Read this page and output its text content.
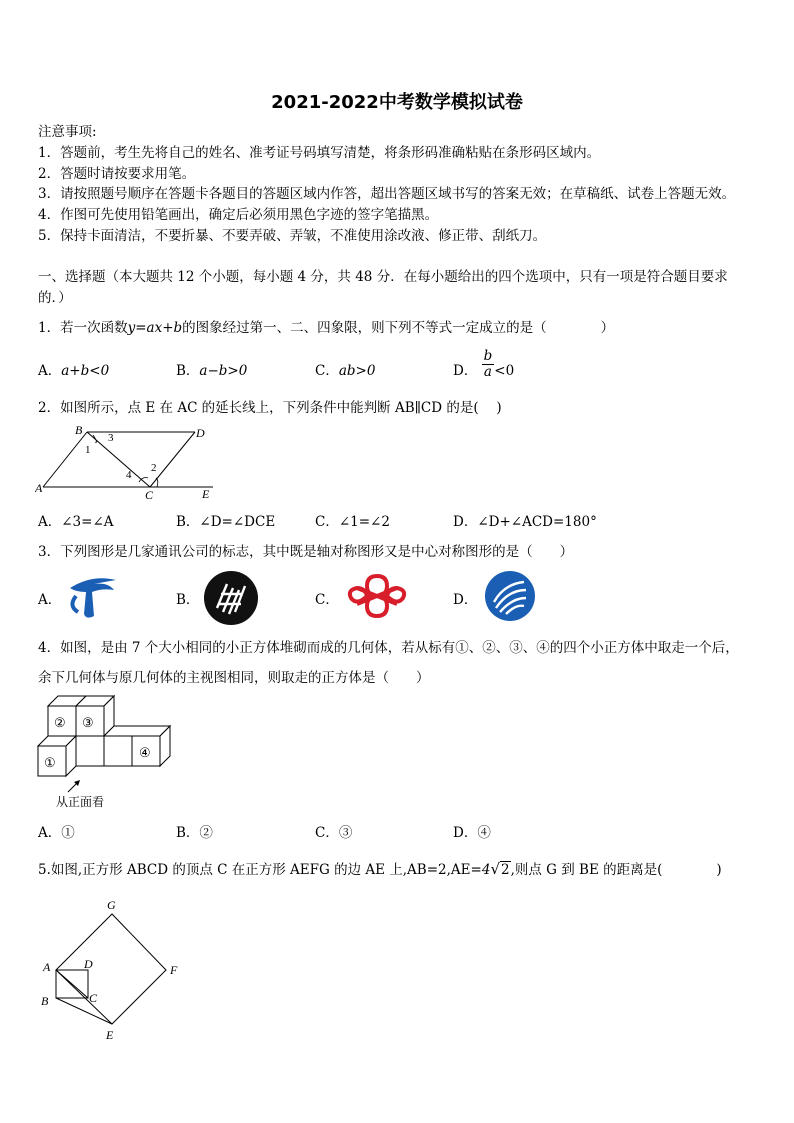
2021-2022中考数学模拟试卷
注意事项:
1．答题前，考生先将自己的姓名、准考证号码填写清楚，将条形码准确粘贴在条形码区域内。
2．答题时请按要求用笔。
3．请按照题号顺序在答题卡各题目的答题区域内作答，超出答题区域书写的答案无效；在草稿纸、试卷上答题无效。
4．作图可先使用铅笔画出，确定后必须用黑色字迹的签字笔描黑。
5．保持卡面清洁，不要折暴、不要弄破、弄皱，不准使用涂改液、修正带、刮纸刀。
一、选择题（本大题共 12 个小题，每小题 4 分，共 48 分．在每小题给出的四个选项中，只有一项是符合题目要求
的．）
1．若一次函数y=ax+b的图象经过第一、二、四象限，则下列不等式一定成立的是（　　　　）
A．a+b<0	B．a−b>0	C．ab>0	D． $\frac{b}{a} <0$
2．如图所示，点 E 在 AC 的延长线上，下列条件中能判断 AB∥CD 的是(　 )
B	D
A	C	E
1
2
3
4
A．∠3=∠A	B．∠D=∠DCE	C．∠1=∠2	D．∠D+∠ACD=180°
3．下列图形是几家通讯公司的标志，其中既是轴对称图形又是中心对称图形的是（　　）
A．	B．	C．	D．
4．如图，是由 7 个大小相同的小正方体堆砌而成的几何体，若从标有①、②、③、④的四个小正方体中取走一个后，
余下几何体与原几何体的主视图相同，则取走的正方体是（　　）
② ③
①
④
从正面看
A．①	B．②	C．③	D．④
5.如图,正方形 ABCD 的顶点 C 在正方形 AEFG 的边 AE 上,AB=2,AE=4√2,则点 G 到 BE 的距离是(　　　　)
G
A	D	F
B	C
E
